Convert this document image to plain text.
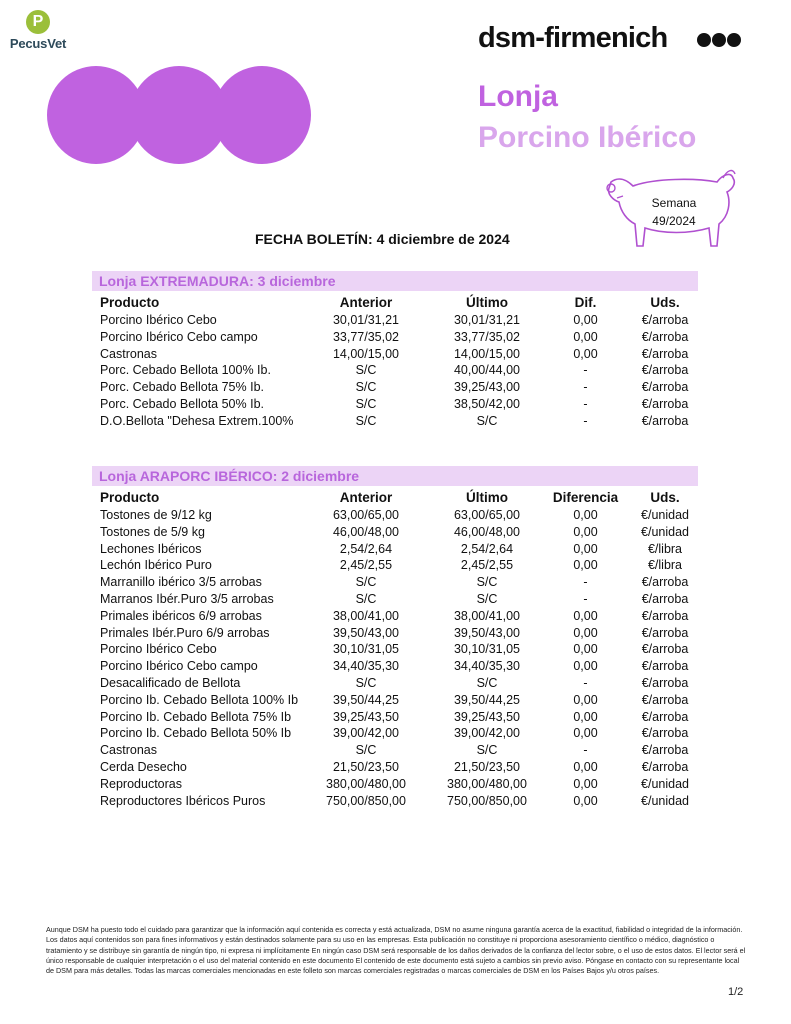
P
PecusVet	dsm-firmenich
Lonja
Porcino Ibérico
Semana
49/2024
FECHA BOLETÍN: 4 diciembre de 2024
Lonja EXTREMADURA: 3 diciembre
Producto	Anterior	Último	Dif.	Uds.
Porcino Ibérico Cebo	30,01/31,21	30,01/31,21	0,00	€/arroba
Porcino Ibérico Cebo campo	33,77/35,02	33,77/35,02	0,00	€/arroba
Castronas	14,00/15,00	14,00/15,00	0,00	€/arroba
Porc. Cebado Bellota 100% Ib.	S/C	40,00/44,00	-	€/arroba
Porc. Cebado Bellota 75% Ib.	S/C	39,25/43,00	-	€/arroba
Porc. Cebado Bellota 50% Ib.	S/C	38,50/42,00	-	€/arroba
D.O.Bellota "Dehesa Extrem.100%	S/C	S/C	-	€/arroba
Lonja ARAPORC IBÉRICO: 2 diciembre
Producto	Anterior	Último	Diferencia	Uds.
Tostones de 9/12 kg	63,00/65,00	63,00/65,00	0,00	€/unidad
Tostones de 5/9 kg	46,00/48,00	46,00/48,00	0,00	€/unidad
Lechones Ibéricos	2,54/2,64	2,54/2,64	0,00	€/libra
Lechón Ibérico Puro	2,45/2,55	2,45/2,55	0,00	€/libra
Marranillo ibérico 3/5 arrobas	S/C	S/C	-	€/arroba
Marranos Ibér.Puro 3/5 arrobas	S/C	S/C	-	€/arroba
Primales ibéricos 6/9 arrobas	38,00/41,00	38,00/41,00	0,00	€/arroba
Primales Ibér.Puro 6/9 arrobas	39,50/43,00	39,50/43,00	0,00	€/arroba
Porcino Ibérico Cebo	30,10/31,05	30,10/31,05	0,00	€/arroba
Porcino Ibérico Cebo campo	34,40/35,30	34,40/35,30	0,00	€/arroba
Desacalificado de Bellota	S/C	S/C	-	€/arroba
Porcino Ib. Cebado Bellota 100% Ib	39,50/44,25	39,50/44,25	0,00	€/arroba
Porcino Ib. Cebado Bellota 75% Ib	39,25/43,50	39,25/43,50	0,00	€/arroba
Porcino Ib. Cebado Bellota 50% Ib	39,00/42,00	39,00/42,00	0,00	€/arroba
Castronas	S/C	S/C	-	€/arroba
Cerda Desecho	21,50/23,50	21,50/23,50	0,00	€/arroba
Reproductoras	380,00/480,00	380,00/480,00	0,00	€/unidad
Reproductores Ibéricos Puros	750,00/850,00	750,00/850,00	0,00	€/unidad
Aunque DSM ha puesto todo el cuidado para garantizar que la información aquí contenida es correcta y está actualizada, DSM no asume ninguna garantía acerca de la exactitud, fiabilidad o integridad de la información. Los datos aquí contenidos son para fines informativos y están destinados solamente para su uso en las empresas. Esta publicación no constituye ni proporciona asesoramiento científico o médico, diagnóstico o tratamiento y se distribuye sin garantía de ningún tipo, ni expresa ni implícitamente En ningún caso DSM será responsable de los daños derivados de la confianza del lector sobre, o el uso de estos datos. El lector será el único responsable de cualquier interpretación o el uso del material contenido en este documento El contenido de este documento está sujeto a cambios sin previo aviso. Póngase en contacto con su representante local de DSM para más detalles. Todas las marcas comerciales mencionadas en este folleto son marcas comerciales registradas o marcas comerciales de DSM en los Países Bajos y/u otros países.
1/2
